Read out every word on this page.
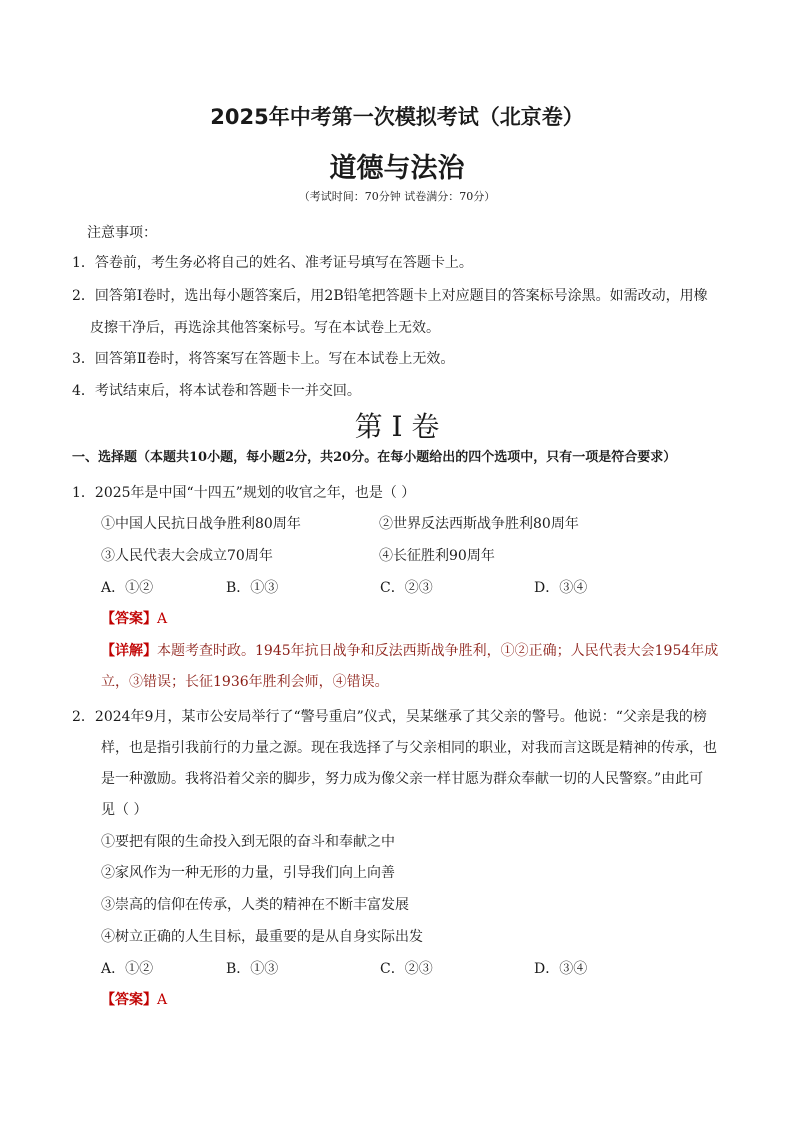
2025年中考第一次模拟考试（北京卷）
道德与法治
（考试时间：70分钟 试卷满分：70分）
注意事项：
1．答卷前，考生务必将自己的姓名、准考证号填写在答题卡上。
2．回答第Ⅰ卷时，选出每小题答案后，用2B铅笔把答题卡上对应题目的答案标号涂黑。如需改动，用橡
皮擦干净后，再选涂其他答案标号。写在本试卷上无效。
3．回答第Ⅱ卷时，将答案写在答题卡上。写在本试卷上无效。
4．考试结束后，将本试卷和答题卡一并交回。
第 I 卷
一、选择题（本题共10小题，每小题2分，共20分。在每小题给出的四个选项中，只有一项是符合要求）
1．2025年是中国“十四五”规划的收官之年，也是（ ）
①中国人民抗日战争胜利80周年	②世界反法西斯战争胜利80周年
③人民代表大会成立70周年	④长征胜利90周年
A．①②	B．①③	C．②③	D．③④
【答案】A
【详解】本题考查时政。1945年抗日战争和反法西斯战争胜利，①②正确；人民代表大会1954年成
立，③错误；长征1936年胜利会师，④错误。
2．2024年9月，某市公安局举行了“警号重启”仪式，吴某继承了其父亲的警号。他说：“父亲是我的榜
样，也是指引我前行的力量之源。现在我选择了与父亲相同的职业，对我而言这既是精神的传承，也
是一种激励。我将沿着父亲的脚步，努力成为像父亲一样甘愿为群众奉献一切的人民警察。”由此可
见（ ）
①要把有限的生命投入到无限的奋斗和奉献之中
②家风作为一种无形的力量，引导我们向上向善
③崇高的信仰在传承，人类的精神在不断丰富发展
④树立正确的人生目标，最重要的是从自身实际出发
A．①②	B．①③	C．②③	D．③④
【答案】A
